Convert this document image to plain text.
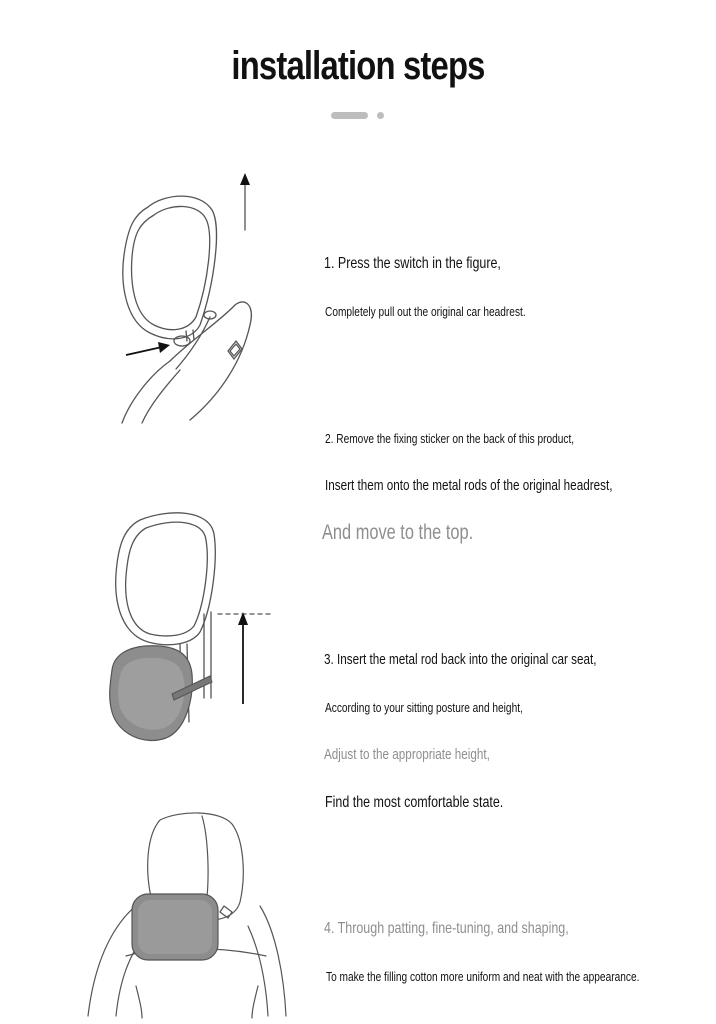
installation steps
1. Press the switch in the figure,
Completely pull out the original car headrest.
2. Remove the fixing sticker on the back of this product,
Insert them onto the metal rods of the original headrest,
And move to the top.
3. Insert the metal rod back into the original car seat,
According to your sitting posture and height,
Adjust to the appropriate height,
Find the most comfortable state.
4. Through patting, fine-tuning, and shaping,
To make the filling cotton more uniform and neat with the appearance.
